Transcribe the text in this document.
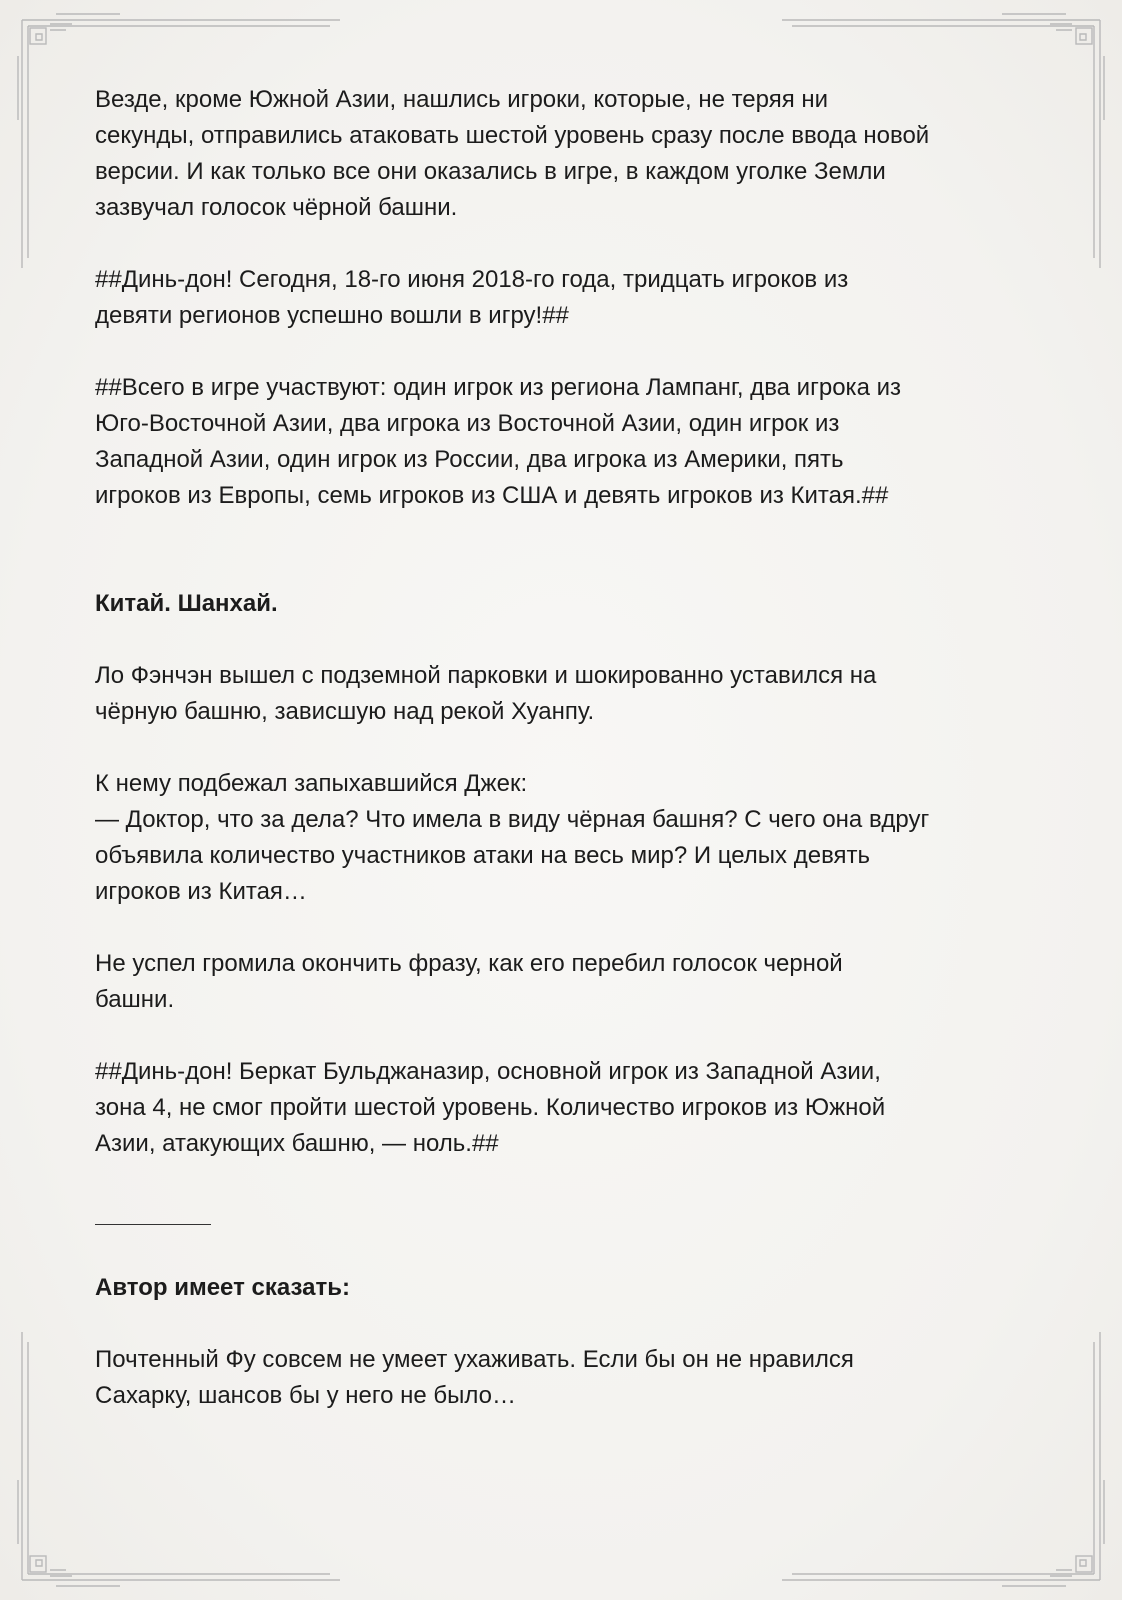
Везде, кроме Южной Азии, нашлись игроки, которые, не теряя ни
секунды, отправились атаковать шестой уровень сразу после ввода новой
версии. И как только все они оказались в игре, в каждом уголке Земли
зазвучал голосок чёрной башни.

##Динь-дон! Сегодня, 18-го июня 2018-го года, тридцать игроков из
девяти регионов успешно вошли в игру!##

##Всего в игре участвуют: один игрок из региона Лампанг, два игрока из
Юго-Восточной Азии, два игрока из Восточной Азии, один игрок из
Западной Азии, один игрок из России, два игрока из Америки, пять
игроков из Европы, семь игроков из США и девять игроков из Китая.##

Китай. Шанхай.

Ло Фэнчэн вышел с подземной парковки и шокированно уставился на
чёрную башню, зависшую над рекой Хуанпу.

К нему подбежал запыхавшийся Джек:
— Доктор, что за дела? Что имела в виду чёрная башня? С чего она вдруг
объявила количество участников атаки на весь мир? И целых девять
игроков из Китая…

Не успел громила окончить фразу, как его перебил голосок черной
башни.

##Динь-дон! Беркат Бульджаназир, основной игрок из Западной Азии,
зона 4, не смог пройти шестой уровень. Количество игроков из Южной
Азии, атакующих башню, — ноль.##

Автор имеет сказать:

Почтенный Фу совсем не умеет ухаживать. Если бы он не нравился
Сахарку, шансов бы у него не было…
